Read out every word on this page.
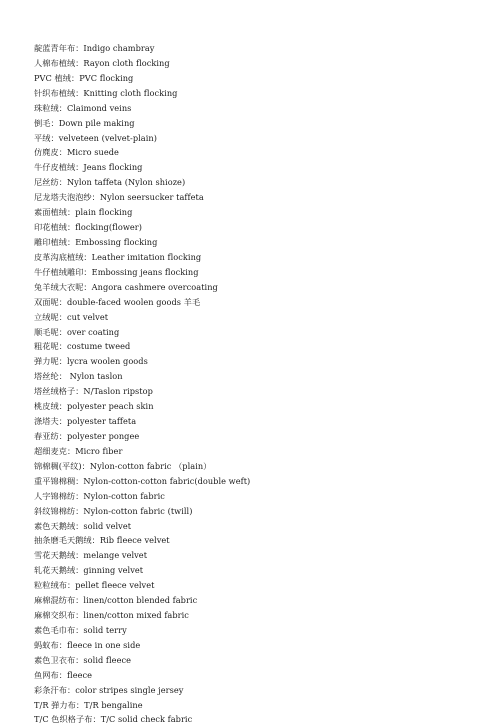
靛蓝青年布：Indigo chambray
人棉布植绒：Rayon cloth flocking
PVC 植绒：PVC flocking
针织布植绒：Knitting cloth flocking
珠粒绒：Claimond veins
倒毛：Down pile making
平绒：velveteen (velvet-plain)
仿麂皮：Micro suede
牛仔皮植绒：Jeans flocking
尼丝纺：Nylon taffeta (Nylon shioze)
尼龙塔夫泡泡纱：Nylon seersucker taffeta
素面植绒：plain flocking
印花植绒：flocking(flower)
雕印植绒：Embossing flocking
皮革沟底植绒：Leather imitation flocking
牛仔植绒雕印：Embossing jeans flocking
兔羊绒大衣呢：Angora cashmere overcoating
双面呢：double-faced woolen goods 羊毛
立绒呢：cut velvet
顺毛呢：over coating
粗花呢：costume tweed
弹力呢：lycra woolen goods
塔丝纶： Nylon taslon
塔丝绒格子：N/Taslon ripstop
桃皮绒：polyester peach skin
涤塔夫：polyester taffeta
春亚纺：polyester pongee
超细麦克：Micro fiber
锦棉稠(平纹)：Nylon-cotton fabric （plain）
重平锦棉稠：Nylon-cotton-cotton fabric(double weft)
人字锦棉纺：Nylon-cotton fabric
斜纹锦棉纺：Nylon-cotton fabric (twill)
素色天鹅绒：solid velvet
抽条磨毛天鹅绒：Rib fleece velvet
雪花天鹅绒：melange velvet
轧花天鹅绒：ginning velvet
粒粒绒布：pellet fleece velvet
麻棉混纺布：linen/cotton blended fabric
麻棉交织布：linen/cotton mixed fabric
素色毛巾布：solid terry
蚂蚁布：fleece in one side
素色卫衣布：solid fleece
鱼网布：fleece
彩条汗布：color stripes single jersey
T/R 弹力布：T/R bengaline
T/C 色织格子布：T/C solid check fabric
